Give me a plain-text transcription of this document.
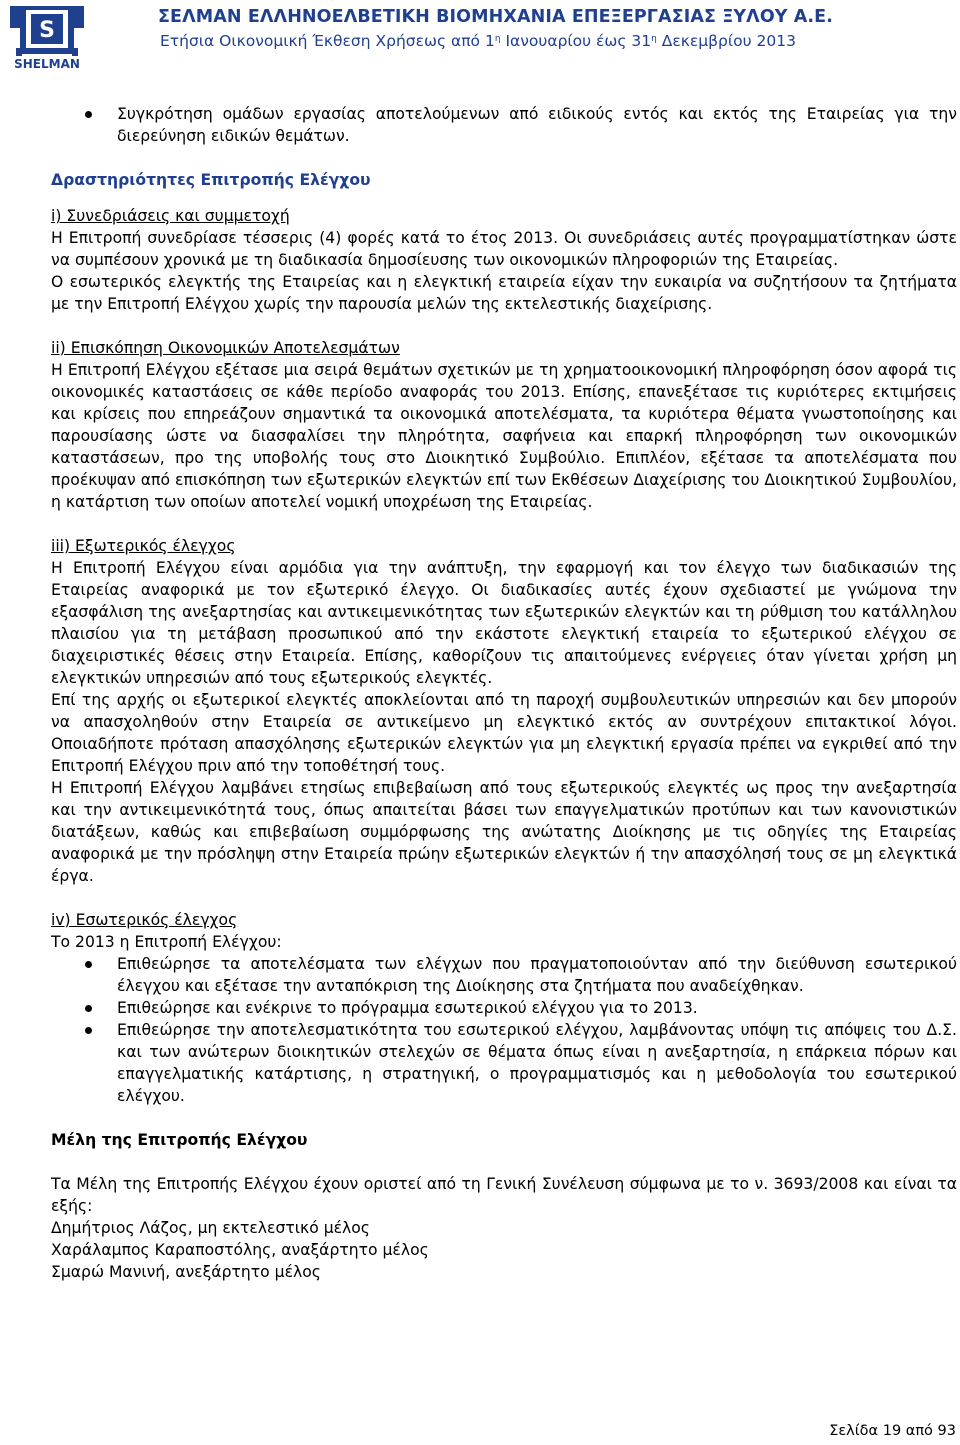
S
SHELMAN
ΣΕΛΜΑΝ ΕΛΛΗΝΟΕΛΒΕΤΙΚΗ ΒΙΟΜΗΧΑΝΙΑ ΕΠΕΞΕΡΓΑΣΙΑΣ ΞΥΛΟΥ Α.Ε.
Ετήσια Οικονομική Έκθεση Χρήσεως από $1^\eta$ Ιανουαρίου έως $31^\eta$ Δεκεμβρίου 2013
Συγκρότηση ομάδων εργασίας αποτελούμενων από ειδικούς εντός και εκτός της Εταιρείας για την διερεύνηση ειδικών θεμάτων.

Δραστηριότητες Επιτροπής Ελέγχου

i) Συνεδριάσεις και συμμετοχή

Η Επιτροπή συνεδρίασε τέσσερις (4) φορές κατά το έτος 2013. Οι συνεδριάσεις αυτές προγραμματίστηκαν ώστε να συμπέσουν χρονικά με τη διαδικασία δημοσίευσης των οικονομικών πληροφοριών της Εταιρείας.

Ο εσωτερικός ελεγκτής της Εταιρείας και η ελεγκτική εταιρεία είχαν την ευκαιρία να συζητήσουν τα ζητήματα με την Επιτροπή Ελέγχου χωρίς την παρουσία μελών της εκτελεστικής διαχείρισης.

ii) Επισκόπηση Οικονομικών Αποτελεσμάτων

Η Επιτροπή Ελέγχου εξέτασε μια σειρά θεμάτων σχετικών με τη χρηματοοικονομική πληροφόρηση όσον αφορά τις οικονομικές καταστάσεις σε κάθε περίοδο αναφοράς του 2013. Επίσης, επανεξέτασε τις κυριότερες εκτιμήσεις και κρίσεις που επηρεάζουν σημαντικά τα οικονομικά αποτελέσματα, τα κυριότερα θέματα γνωστοποίησης και παρουσίασης ώστε να διασφαλίσει την πληρότητα, σαφήνεια και επαρκή πληροφόρηση των οικονομικών καταστάσεων, προ της υποβολής τους στο Διοικητικό Συμβούλιο. Επιπλέον, εξέτασε τα αποτελέσματα που προέκυψαν από επισκόπηση των εξωτερικών ελεγκτών επί των Εκθέσεων Διαχείρισης του Διοικητικού Συμβουλίου, η κατάρτιση των οποίων αποτελεί νομική υποχρέωση της Εταιρείας.

iii) Εξωτερικός έλεγχος

Η Επιτροπή Ελέγχου είναι αρμόδια για την ανάπτυξη, την εφαρμογή και τον έλεγχο των διαδικασιών της Εταιρείας αναφορικά με τον εξωτερικό έλεγχο. Οι διαδικασίες αυτές έχουν σχεδιαστεί με γνώμονα την εξασφάλιση της ανεξαρτησίας και αντικειμενικότητας των εξωτερικών ελεγκτών και τη ρύθμιση του κατάλληλου πλαισίου για τη μετάβαση προσωπικού από την εκάστοτε ελεγκτική εταιρεία το εξωτερικού ελέγχου σε διαχειριστικές θέσεις στην Εταιρεία. Επίσης, καθορίζουν τις απαιτούμενες ενέργειες όταν γίνεται χρήση μη ελεγκτικών υπηρεσιών από τους εξωτερικούς ελεγκτές.

Επί της αρχής οι εξωτερικοί ελεγκτές αποκλείονται από τη παροχή συμβουλευτικών υπηρεσιών και δεν μπορούν να απασχοληθούν στην Εταιρεία σε αντικείμενο μη ελεγκτικό εκτός αν συντρέχουν επιτακτικοί λόγοι. Οποιαδήποτε πρόταση απασχόλησης εξωτερικών ελεγκτών για μη ελεγκτική εργασία πρέπει να εγκριθεί από την Επιτροπή Ελέγχου πριν από την τοποθέτησή τους.

Η Επιτροπή Ελέγχου λαμβάνει ετησίως επιβεβαίωση από τους εξωτερικούς ελεγκτές ως προς την ανεξαρτησία και την αντικειμενικότητά τους, όπως απαιτείται βάσει των επαγγελματικών προτύπων και των κανονιστικών διατάξεων, καθώς και επιβεβαίωση συμμόρφωσης της ανώτατης Διοίκησης με τις οδηγίες της Εταιρείας αναφορικά με την πρόσληψη στην Εταιρεία πρώην εξωτερικών ελεγκτών ή την απασχόλησή τους σε μη ελεγκτικά έργα.

iv) Εσωτερικός έλεγχος

Το 2013 η Επιτροπή Ελέγχου:

Επιθεώρησε τα αποτελέσματα των ελέγχων που πραγματοποιούνταν από την διεύθυνση εσωτερικού έλεγχου και εξέτασε την ανταπόκριση της Διοίκησης στα ζητήματα που αναδείχθηκαν.
Επιθεώρησε και ενέκρινε το πρόγραμμα εσωτερικού ελέγχου για το 2013.
Επιθεώρησε την αποτελεσματικότητα του εσωτερικού ελέγχου, λαμβάνοντας υπόψη τις απόψεις του Δ.Σ. και των ανώτερων διοικητικών στελεχών σε θέματα όπως είναι η ανεξαρτησία, η επάρκεια πόρων και επαγγελματικής κατάρτισης, η στρατηγική, ο προγραμματισμός και η μεθοδολογία του εσωτερικού ελέγχου.

Μέλη της Επιτροπής Ελέγχου

Τα Μέλη της Επιτροπής Ελέγχου έχουν οριστεί από τη Γενική Συνέλευση σύμφωνα με το ν. 3693/2008 και είναι τα εξής:

Δημήτριος Λάζος, μη εκτελεστικό μέλος

Χαράλαμπος Καραποστόλης, αναξάρτητο μέλος

Σμαρώ Μανινή, ανεξάρτητο μέλος

Σελίδα 19 από 93
